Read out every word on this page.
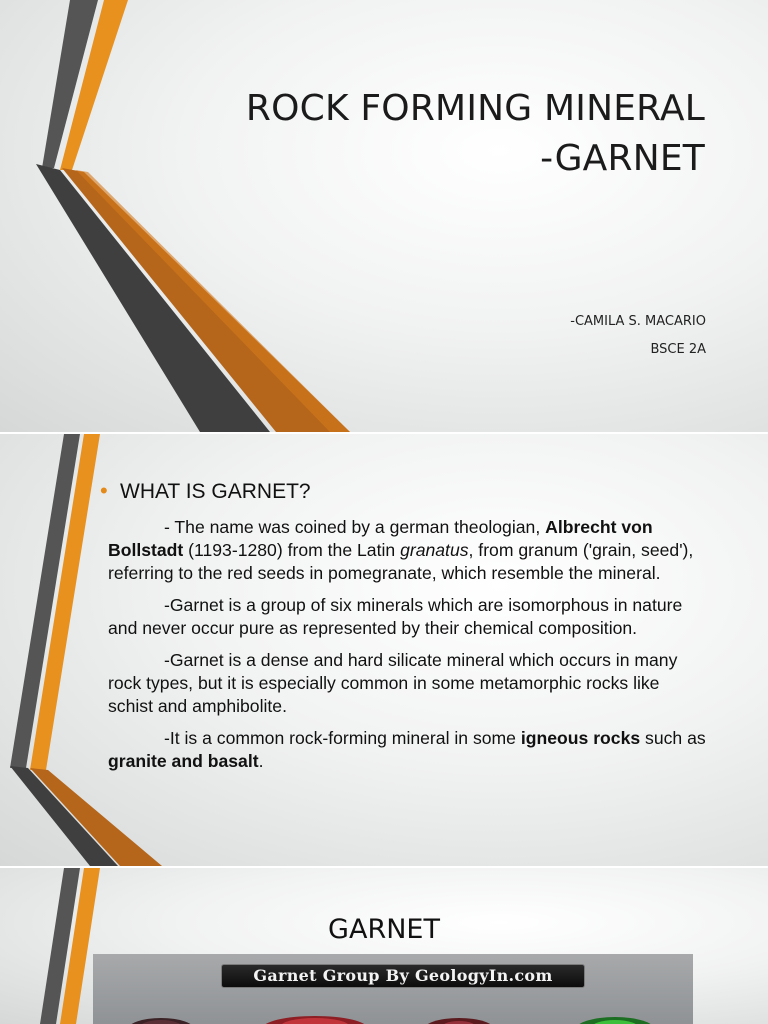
ROCK FORMING MINERAL
-GARNET
-CAMILA S. MACARIO
BSCE 2A
• WHAT IS GARNET?

- The name was coined by a german theologian, Albrecht von Bollstadt (1193-1280) from the Latin granatus, from granum ('grain, seed'), referring to the red seeds in pomegranate, which resemble the mineral.

-Garnet is a group of six minerals which are isomorphous in nature and never occur pure as represented by their chemical composition.

-Garnet is a dense and hard silicate mineral which occurs in many rock types, but it is especially common in some metamorphic rocks like schist and amphibolite.

-It is a common rock-forming mineral in some igneous rocks such as granite and basalt.

GARNET
Garnet Group By GeologyIn.com
